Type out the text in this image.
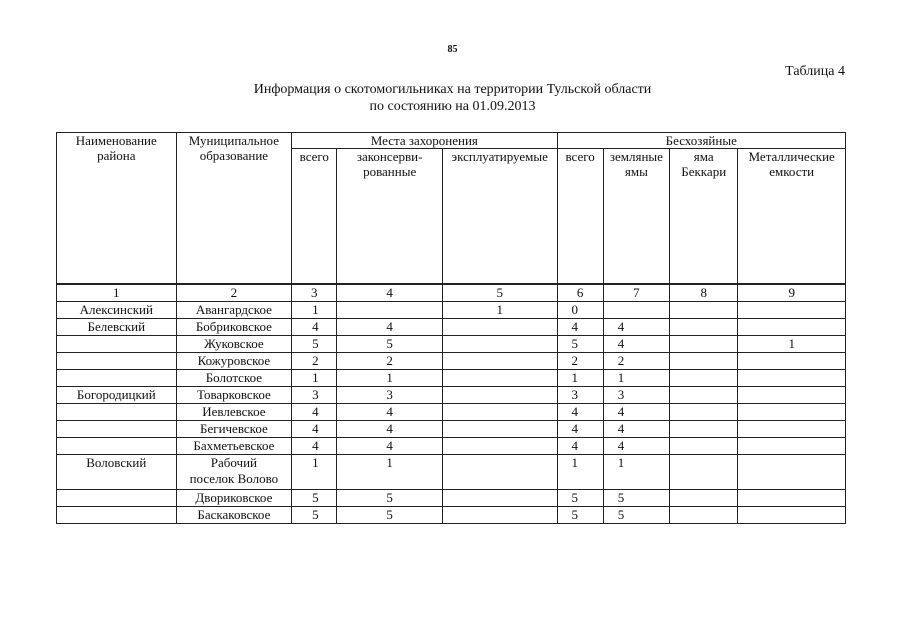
85
Таблица 4
Информация о скотомогильниках на территории Тульской области
по состоянию на 01.09.2013
Наименование района	Муниципальное образование	Места захоронения			Бесхозяйные			
		всего	законсерви-рованные	эксплуатируемые	всего	земляные ямы	яма Беккари	Металлические емкости
1	2	3	4	5	6	7	8	9
Алексинский	Авангардское	1		1	0			
Белевский	Бобриковское	4	4		4	4		
	Жуковское	5	5		5	4		1
	Кожуровское	2	2		2	2		
	Болотское	1	1		1	1		
Богородицкий	Товарковское	3	3		3	3		
	Иевлевское	4	4		4	4		
	Бегичевское	4	4		4	4		
	Бахметьевское	4	4		4	4		
Воловский	Рабочий
поселок Волово	1	1		1	1		
	Двориковское	5	5		5	5		
	Баскаковское	5	5		5	5		
